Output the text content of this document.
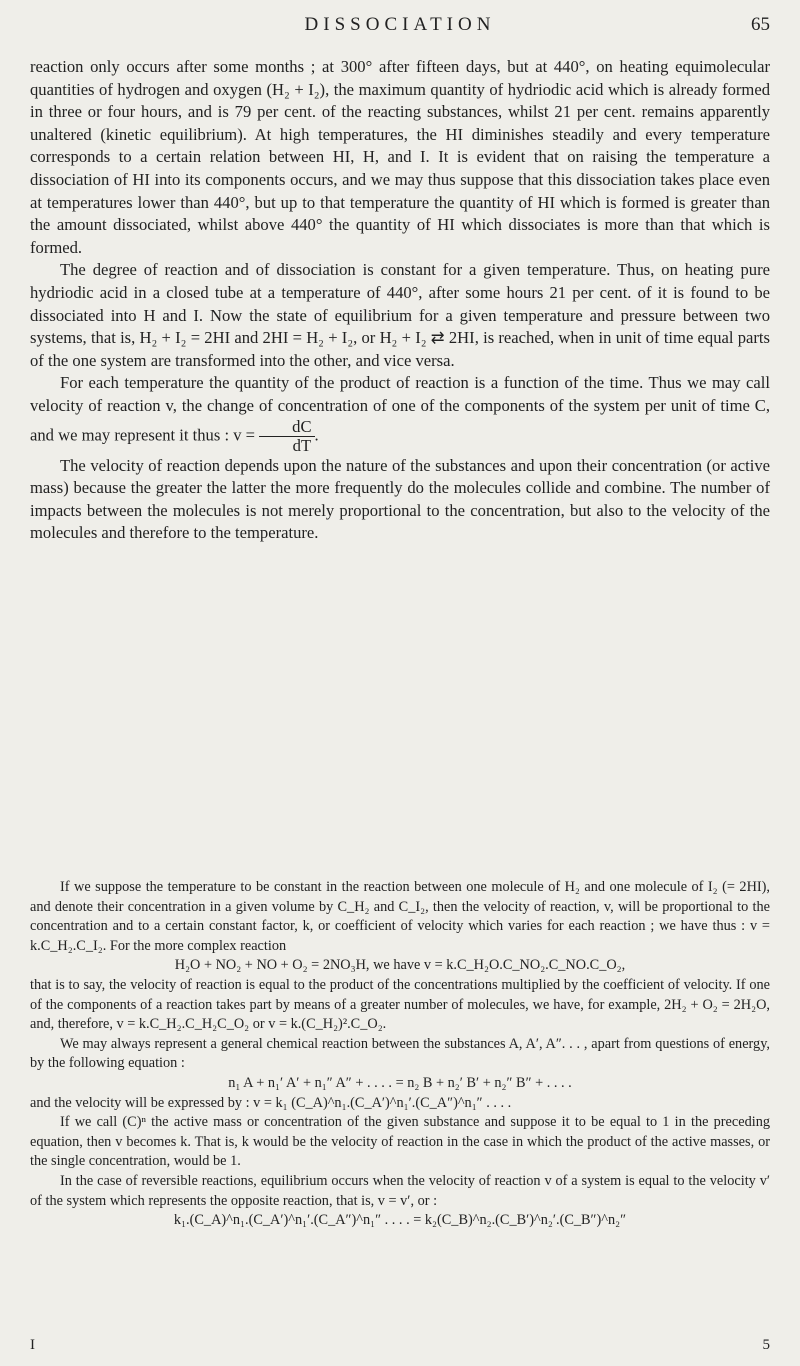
DISSOCIATION	65

reaction only occurs after some months ; at 300° after fifteen days, but at 440°, on heating equimolecular quantities of hydrogen and oxygen (H₂ + I₂), the maximum quantity of hydriodic acid which is already formed in three or four hours, and is 79 per cent. of the reacting substances, whilst 21 per cent. remains apparently unaltered (kinetic equilibrium). At high temperatures, the HI diminishes steadily and every temperature corresponds to a certain relation between HI, H, and I. It is evident that on raising the temperature a dissociation of HI into its components occurs, and we may thus suppose that this dissociation takes place even at temperatures lower than 440°, but up to that temperature the quantity of HI which is formed is greater than the amount dissociated, whilst above 440° the quantity of HI which dissociates is more than that which is formed.

The degree of reaction and of dissociation is constant for a given temperature. Thus, on heating pure hydriodic acid in a closed tube at a temperature of 440°, after some hours 21 per cent. of it is found to be dissociated into H and I. Now the state of equilibrium for a given temperature and pressure between two systems, that is, H₂ + I₂ = 2HI and 2HI = H₂ + I₂, or H₂ + I₂ ⇄ 2HI, is reached, when in unit of time equal parts of the one system are transformed into the other, and vice versa.

For each temperature the quantity of the product of reaction is a function of the time. Thus we may call velocity of reaction v, the change of concentration of one of the components of the system per unit of time C, and we may represent it thus : $v = \frac{dC}{dT}$ .

The velocity of reaction depends upon the nature of the substances and upon their concentration (or active mass) because the greater the latter the more frequently do the molecules collide and combine. The number of impacts between the molecules is not merely proportional to the concentration, but also to the velocity of the molecules and therefore to the temperature.

If we suppose the temperature to be constant in the reaction between one molecule of H₂ and one molecule of I₂ (= 2HI), and denote their concentration in a given volume by C_H₂ and C_I₂, then the velocity of reaction, v, will be proportional to the concentration and to a certain constant factor, k, or coefficient of velocity which varies for each reaction ; we have thus : v = k.C_H₂.C_I₂. For the more complex reaction

H₂O + NO₂ + NO + O₂ = 2NO₃H, we have v = k.C_H₂O.C_NO₂.C_NO.C_O₂,

that is to say, the velocity of reaction is equal to the product of the concentrations multiplied by the coefficient of velocity. If one of the components of a reaction takes part by means of a greater number of molecules, we have, for example, 2H₂ + O₂ = 2H₂O, and, therefore, v = k.C_H₂.C_H₂C_O₂ or v = k.(C_H₂)².C_O₂.

We may always represent a general chemical reaction between the substances A, A′, A″. . . , apart from questions of energy, by the following equation :

n₁ A + n₁′ A′ + n₁″ A″ + . . . . = n₂ B + n₂′ B′ + n₂″ B″ + . . . .

and the velocity will be expressed by : v = k₁ (C_A)^n₁.(C_A′)^n₁′.(C_A″)^n₁″ . . . .

If we call (C)ⁿ the active mass or concentration of the given substance and suppose it to be equal to 1 in the preceding equation, then v becomes k. That is, k would be the velocity of reaction in the case in which the product of the active masses, or the single concentration, would be 1.

In the case of reversible reactions, equilibrium occurs when the velocity of reaction v of a system is equal to the velocity v′ of the system which represents the opposite reaction, that is, v = v′, or :

k₁.(C_A)^n₁.(C_A′)^n₁′.(C_A″)^n₁″ . . . . = k₂(C_B)^n₂.(C_B′)^n₂′.(C_B″)^n₂″

I	5
